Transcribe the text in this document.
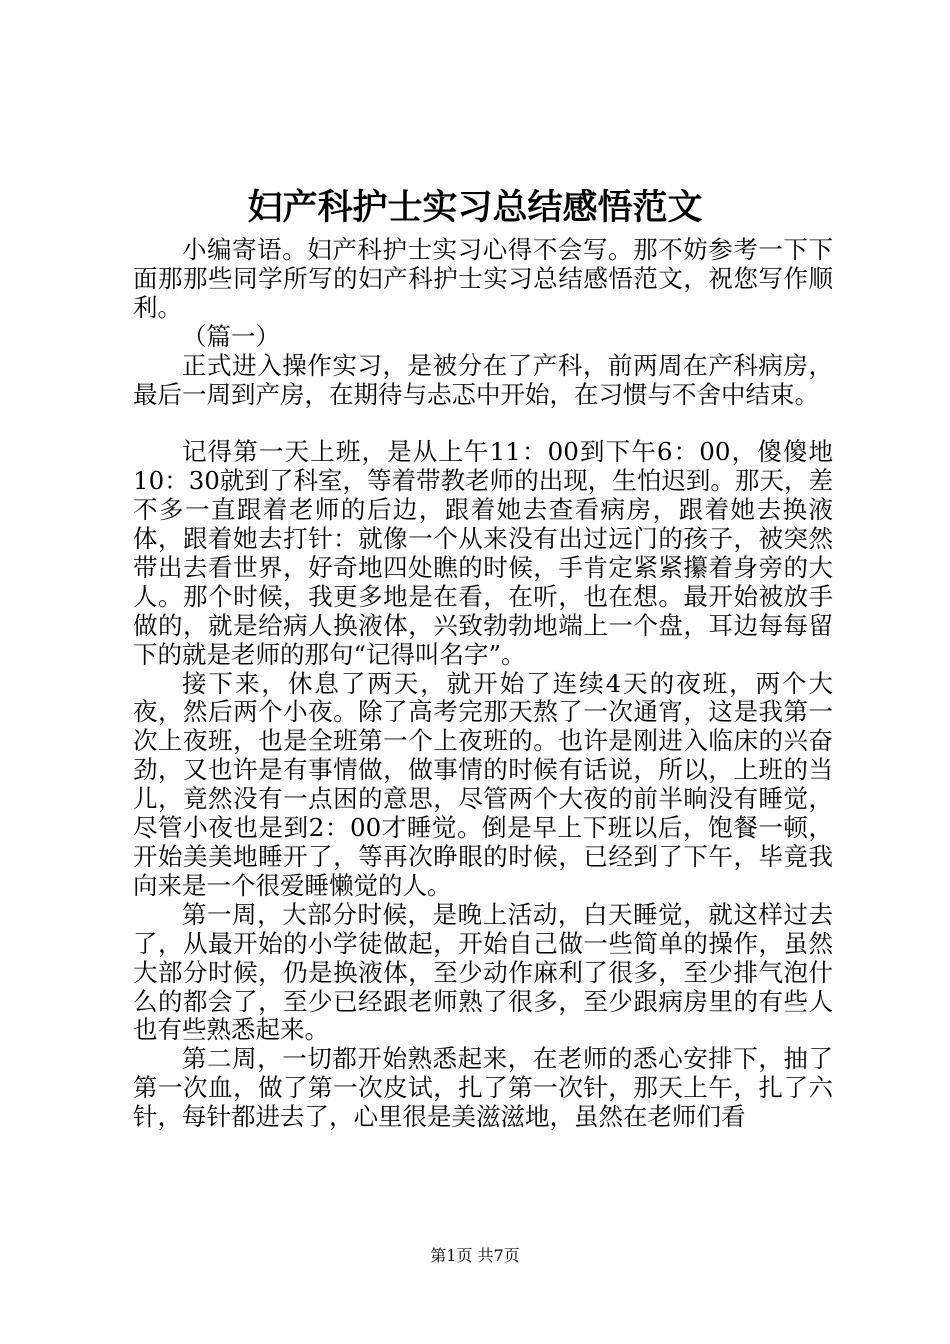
妇产科护士实习总结感悟范文

小编寄语。妇产科护士实习心得不会写。那不妨参考一下下面那那些同学所写的妇产科护士实习总结感悟范文，祝您写作顺利。

（篇一）

正式进入操作实习，是被分在了产科，前两周在产科病房，最后一周到产房，在期待与忐忑中开始，在习惯与不舍中结束。

记得第一天上班，是从上午11：00到下午6：00，傻傻地10：30就到了科室，等着带教老师的出现，生怕迟到。那天，差不多一直跟着老师的后边，跟着她去查看病房，跟着她去换液体，跟着她去打针：就像一个从来没有出过远门的孩子，被突然带出去看世界，好奇地四处瞧的时候，手肯定紧紧攥着身旁的大人。那个时候，我更多地是在看，在听，也在想。最开始被放手做的，就是给病人换液体，兴致勃勃地端上一个盘，耳边每每留下的就是老师的那句“记得叫名字”。

接下来，休息了两天，就开始了连续4天的夜班，两个大夜，然后两个小夜。除了高考完那天熬了一次通宵，这是我第一次上夜班，也是全班第一个上夜班的。也许是刚进入临床的兴奋劲，又也许是有事情做，做事情的时候有话说，所以，上班的当儿，竟然没有一点困的意思，尽管两个大夜的前半晌没有睡觉，尽管小夜也是到2：00才睡觉。倒是早上下班以后，饱餐一顿，开始美美地睡开了，等再次睁眼的时候，已经到了下午，毕竟我向来是一个很爱睡懒觉的人。

第一周，大部分时候，是晚上活动，白天睡觉，就这样过去了，从最开始的小学徒做起，开始自己做一些简单的操作，虽然大部分时候，仍是换液体，至少动作麻利了很多，至少排气泡什么的都会了，至少已经跟老师熟了很多，至少跟病房里的有些人也有些熟悉起来。

第二周，一切都开始熟悉起来，在老师的悉心安排下，抽了第一次血，做了第一次皮试，扎了第一次针，那天上午，扎了六针，每针都进去了，心里很是美滋滋地，虽然在老师们看

第1页 共7页
